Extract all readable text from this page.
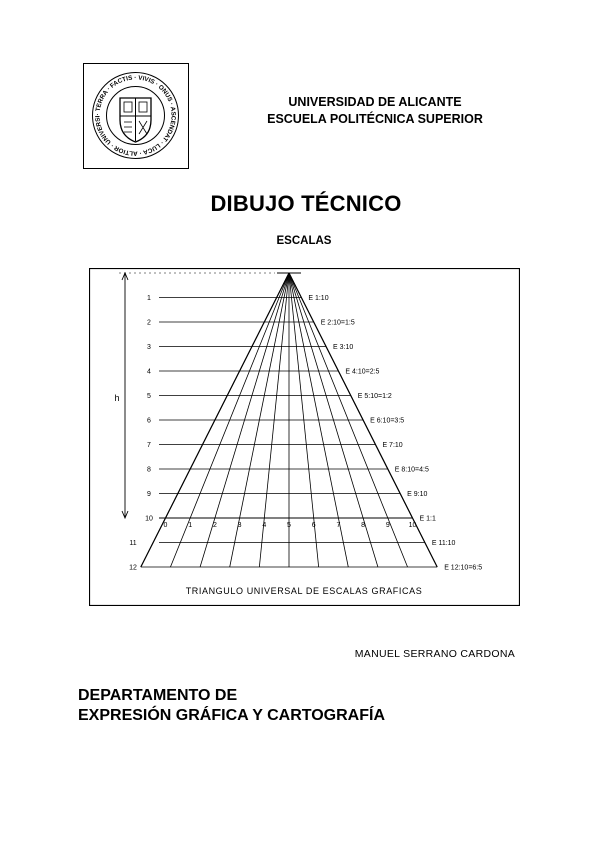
· TERRA · FACTIS · VIVIS · ONUS · ASCENDAT · LUCA · ALTIOR · UNIVERSI
UNIVERSIDAD DE ALICANTE
ESCUELA POLITÉCNICA SUPERIOR
DIBUJO TÉCNICO
ESCALAS
1	E 1:10
2	E 2:10=1:5
3	E 3:10
4	E 4:10=2:5
5	E 5:10=1:2
6	E 6:10=3:5
7	E 7:10
8	E 8:10=4:5
9	E 9:10
10	E 1:1
11	E 11:10
12	E 12:10=6:5
0	1	2	3	4	5	6	7	8	9	10
TRIANGULO UNIVERSAL DE ESCALAS GRAFICAS
h
MANUEL SERRANO CARDONA
DEPARTAMENTO DE
EXPRESIÓN GRÁFICA Y CARTOGRAFÍA
